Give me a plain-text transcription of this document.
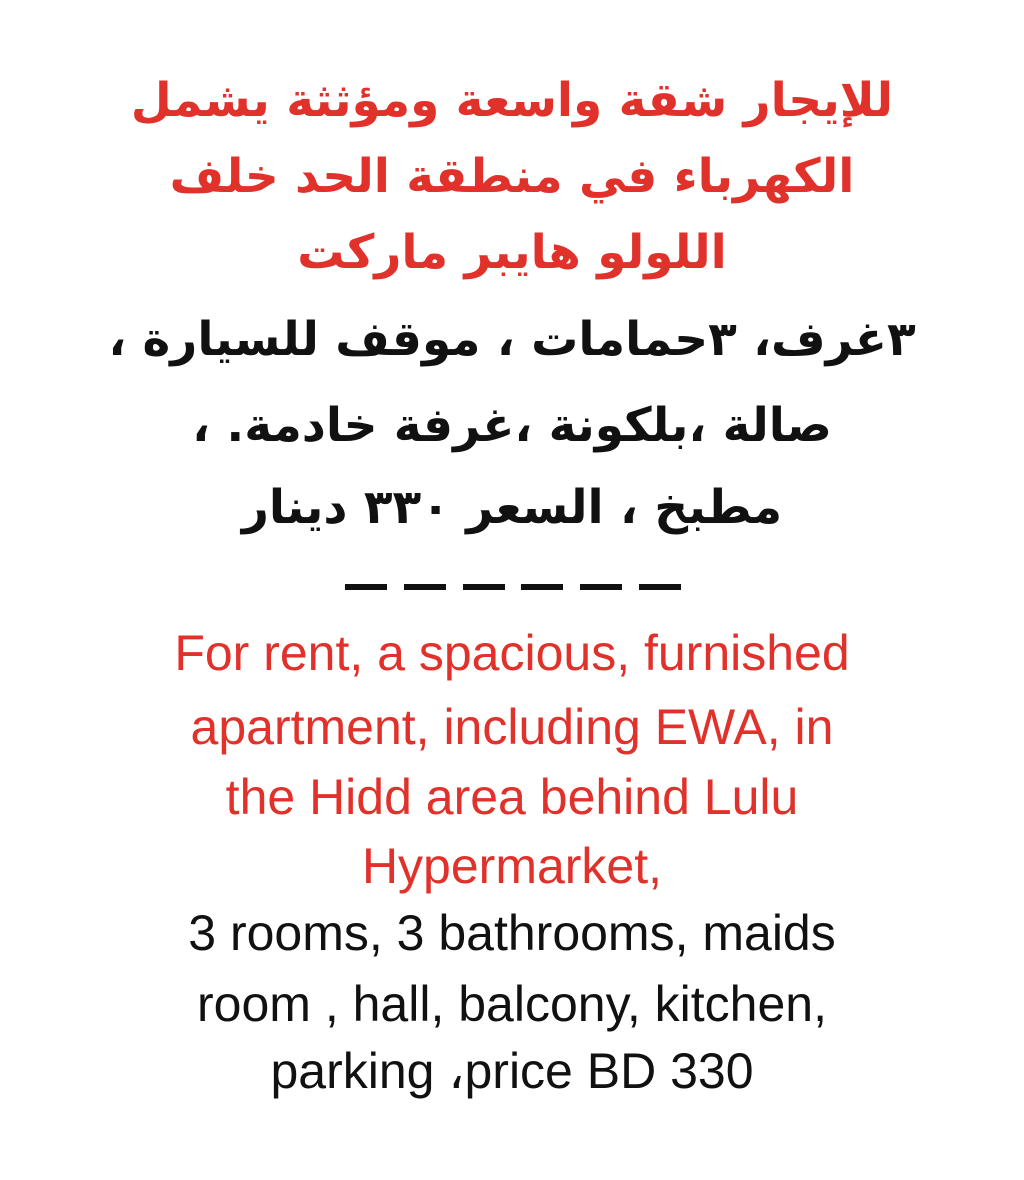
للإيجار شقة واسعة ومؤثثة يشمل
الكهرباء في منطقة الحد خلف
اللولو هايبر ماركت
٣غرف، ٣حمامات ، موقف للسيارة ،
صالة ،بلكونة ،غرفة خادمة. ،
مطبخ ، السعر ٣٣٠ دينار
For rent, a spacious, furnished
apartment, including EWA, in
the Hidd area behind Lulu
Hypermarket,
3 rooms, 3 bathrooms, maids
room , hall, balcony, kitchen,
parking ،price BD 330
